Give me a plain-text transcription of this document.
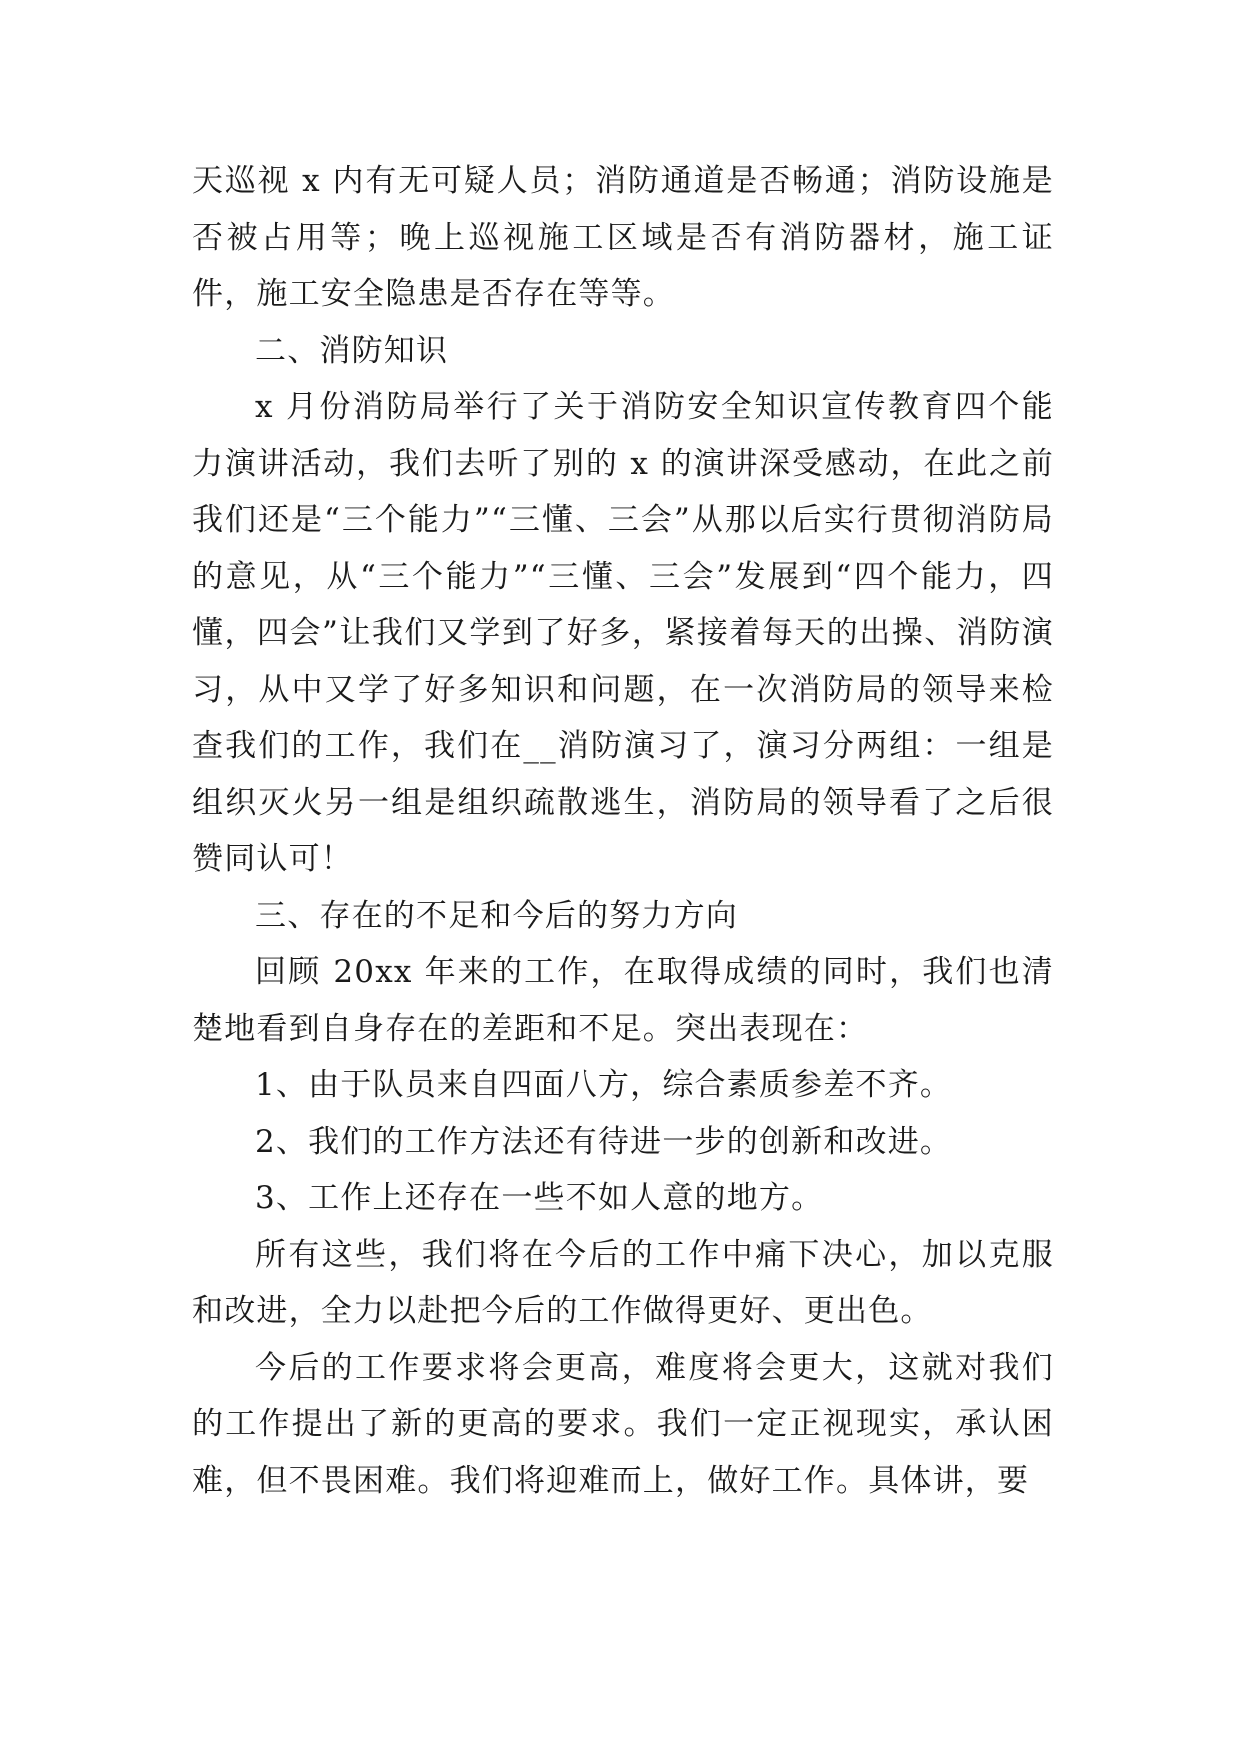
天巡视 x 内有无可疑人员；消防通道是否畅通；消防设施是否被占用等；晚上巡视施工区域是否有消防器材，施工证件，施工安全隐患是否存在等等。

二、消防知识

x 月份消防局举行了关于消防安全知识宣传教育四个能力演讲活动，我们去听了别的 x 的演讲深受感动，在此之前我们还是“三个能力”“三懂、三会”从那以后实行贯彻消防局的意见，从“三个能力”“三懂、三会”发展到“四个能力，四懂，四会”让我们又学到了好多，紧接着每天的出操、消防演习，从中又学了好多知识和问题，在一次消防局的领导来检查我们的工作，我们在__消防演习了，演习分两组：一组是组织灭火另一组是组织疏散逃生，消防局的领导看了之后很赞同认可！

三、存在的不足和今后的努力方向

回顾 20xx 年来的工作，在取得成绩的同时，我们也清楚地看到自身存在的差距和不足。突出表现在：

1、由于队员来自四面八方，综合素质参差不齐。

2、我们的工作方法还有待进一步的创新和改进。

3、工作上还存在一些不如人意的地方。

所有这些，我们将在今后的工作中痛下决心，加以克服和改进，全力以赴把今后的工作做得更好、更出色。

今后的工作要求将会更高，难度将会更大，这就对我们的工作提出了新的更高的要求。我们一定正视现实，承认困难，但不畏困难。我们将迎难而上，做好工作。具体讲，要
